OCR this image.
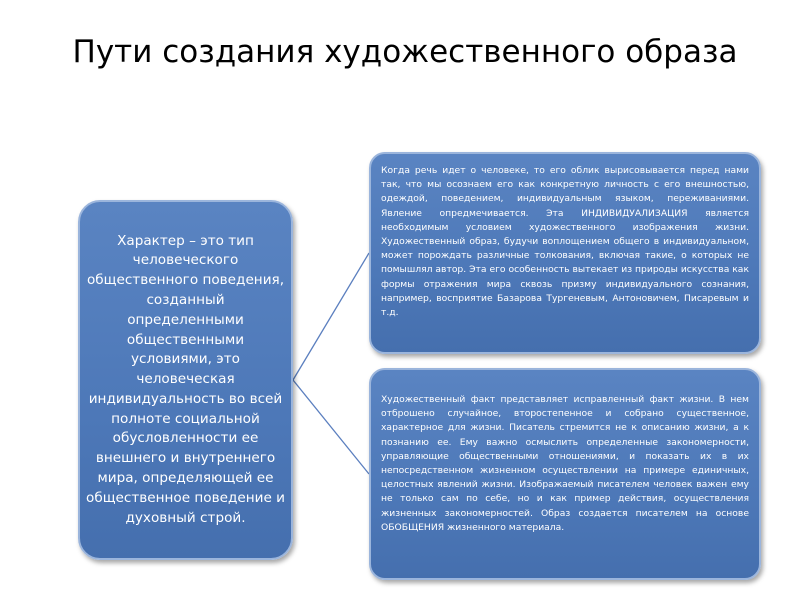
Пути создания художественного образа

Характер – это тип человеческого общественного поведения, созданный определенными общественными условиями, это человеческая индивидуальность во всей полноте социальной обусловленности ее внешнего и внутреннего мира, определяющей ее общественное поведение и духовный строй.

Когда речь идет о человеке, то его облик вырисовывается перед нами так, что мы осознаем его как конкретную личность с его внешностью, одеждой, поведением, индивидуальным языком, переживаниями. Явление опредмечивается. Эта ИНДИВИДУАЛИЗАЦИЯ является необходимым условием художественного изображения жизни. Художественный образ, будучи воплощением общего в индивидуальном, может порождать различные толкования, включая такие, о которых не помышлял автор. Эта его особенность вытекает из природы искусства как формы отражения мира сквозь призму индивидуального сознания, например, восприятие Базарова Тургеневым, Антоновичем, Писаревым и т.д.

Художественный факт представляет исправленный факт жизни. В нем отброшено случайное, второстепенное и собрано существенное, характерное для жизни. Писатель стремится не к описанию жизни, а к познанию ее. Ему важно осмыслить определенные закономерности, управляющие общественными отношениями, и показать их в их непосредственном жизненном осуществлении на примере единичных, целостных явлений жизни. Изображаемый писателем человек важен ему не только сам по себе, но и как пример действия, осуществления жизненных закономерностей. Образ создается писателем на основе ОБОБЩЕНИЯ жизненного материала.
